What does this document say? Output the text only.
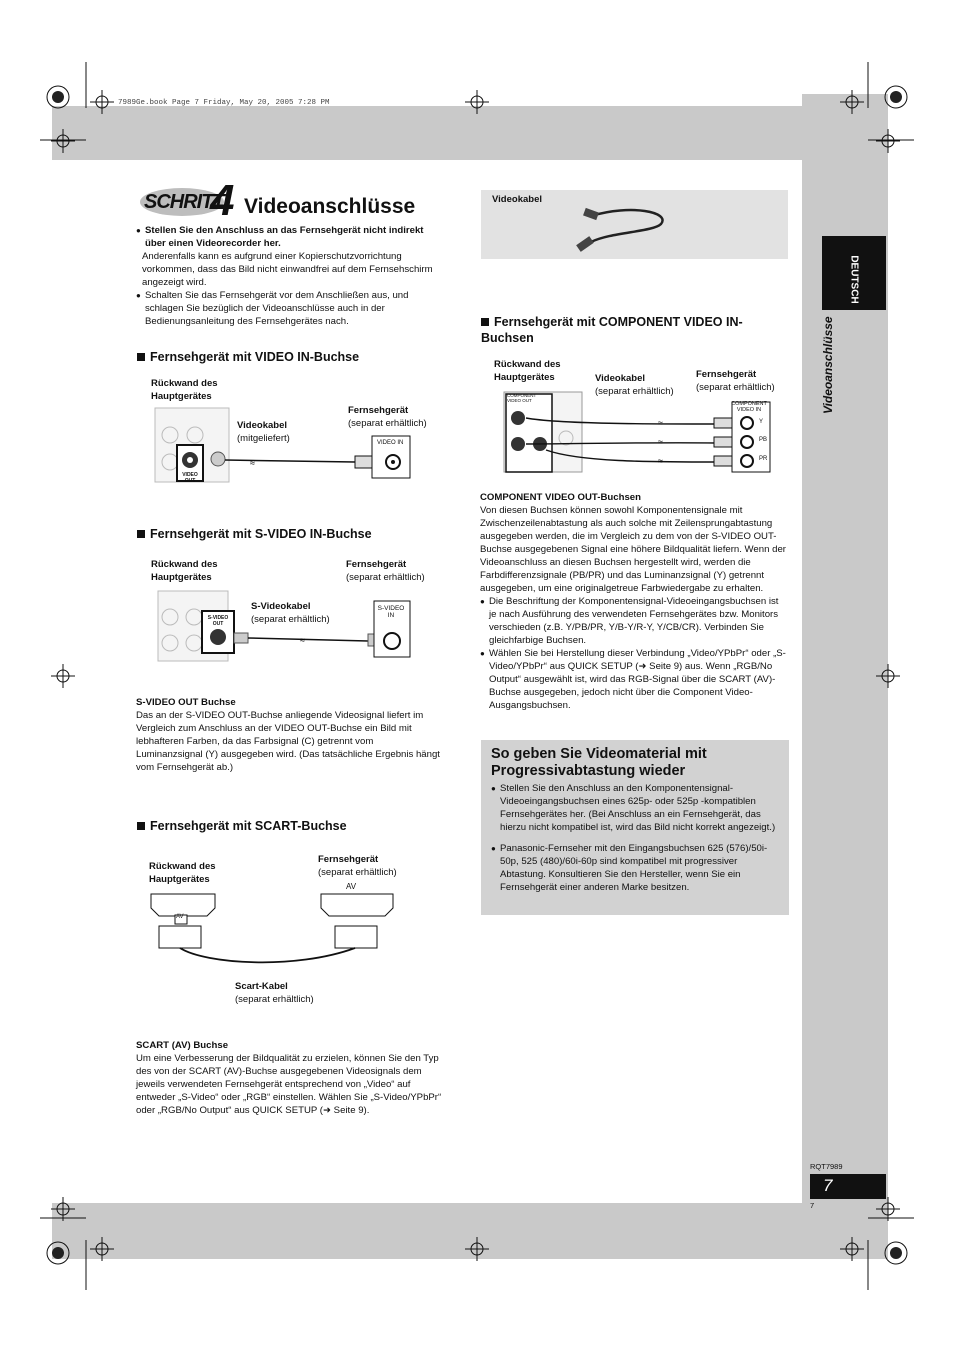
7989Ge.book Page 7 Friday, May 20, 2005 7:28 PM
SCHRITT
4 Videoanschlüsse
● Stellen Sie den Anschluss an das Fernsehgerät nicht indirekt über einen Videorecorder her.
Anderenfalls kann es aufgrund einer Kopierschutzvorrichtung vorkommen, dass das Bild nicht einwandfrei auf dem Fernsehschirm angezeigt wird.
● Schalten Sie das Fernsehgerät vor dem Anschließen aus, und schlagen Sie bezüglich der Videoanschlüsse auch in der Bedienungsanleitung des Fernsehgerätes nach.
Fernsehgerät mit VIDEO IN-Buchse
Rückwand des Hauptgerätes
Videokabel
(mitgeliefert)
Fernsehgerät
(separat erhältlich)
≈
VIDEO IN
VIDEO OUT
Fernsehgerät mit S-VIDEO IN-Buchse
Rückwand des Hauptgerätes
Fernsehgerät
(separat erhältlich)
S-Videokabel
(separat erhältlich)
≈
S-VIDEO IN
S-VIDEO OUT
S-VIDEO OUT Buchse
Das an der S-VIDEO OUT-Buchse anliegende Videosignal liefert im Vergleich zum Anschluss an der VIDEO OUT-Buchse ein Bild mit lebhafteren Farben, da das Farbsignal (C) getrennt vom Luminanzsignal (Y) ausgegeben wird. (Das tatsächliche Ergebnis hängt vom Fernsehgerät ab.)
Fernsehgerät mit SCART-Buchse
Rückwand des Hauptgerätes
Fernsehgerät
(separat erhältlich)
AV
AV
Scart-Kabel
(separat erhältlich)
SCART (AV) Buchse
Um eine Verbesserung der Bildqualität zu erzielen, können Sie den Typ des von der SCART (AV)-Buchse ausgegebenen Videosignals dem jeweils verwendeten Fernsehgerät entsprechend von „Video“ auf entweder „S-Video“ oder „RGB“ einstellen. Wählen Sie „S-Video/YPbPr“ oder „RGB/No Output“ aus QUICK SETUP (➜ Seite 9).
Videokabel
Fernsehgerät mit COMPONENT VIDEO IN-Buchsen
Rückwand des Hauptgerätes	Videokabel
(separat erhältlich)
Fernsehgerät
(separat erhältlich)
≈
≈
≈
COMPONENT VIDEO IN
COMPONENT VIDEO OUT
Y
PB
PR
COMPONENT VIDEO OUT-Buchsen
Von diesen Buchsen können sowohl Komponentensignale mit Zwischenzeilenabtastung als auch solche mit Zeilensprungabtastung ausgegeben werden, die im Vergleich zu dem von der S-VIDEO OUT-Buchse ausgegebenen Signal eine höhere Bildqualität liefern. Wenn der Videoanschluss an diesen Buchsen hergestellt wird, werden die Farbdifferenzsignale (PB/PR) und das Luminanzsignal (Y) getrennt ausgegeben, um eine originalgetreue Farbwiedergabe zu erhalten.
● Die Beschriftung der Komponentensignal-Videoeingangsbuchsen ist je nach Ausführung des verwendeten Fernsehgerätes bzw. Monitors verschieden (z.B. Y/PB/PR, Y/B-Y/R-Y, Y/CB/CR). Verbinden Sie gleichfarbige Buchsen.
● Wählen Sie bei Herstellung dieser Verbindung „Video/YPbPr“ oder „S-Video/YPbPr“ aus QUICK SETUP (➜ Seite 9) aus. Wenn „RGB/No Output“ ausgewählt ist, wird das RGB-Signal über die SCART (AV)-Buchse ausgegeben, jedoch nicht über die Component Video-Ausgangsbuchsen.
So geben Sie Videomaterial mit Progressivabtastung wieder
● Stellen Sie den Anschluss an den Komponentensignal-Videoeingangsbuchsen eines 625p- oder 525p -kompatiblen Fernsehgerätes her. (Bei Anschluss an ein Fernsehgerät, das hierzu nicht kompatibel ist, wird das Bild nicht korrekt angezeigt.)
● Panasonic-Fernseher mit den Eingangsbuchsen 625 (576)/50i-50p, 525 (480)/60i-60p sind kompatibel mit progressiver Abtastung. Konsultieren Sie den Hersteller, wenn Sie ein Fernsehgerät einer anderen Marke besitzen.
DEUTSCH
Videoanschlüsse
RQT7989
7
7
